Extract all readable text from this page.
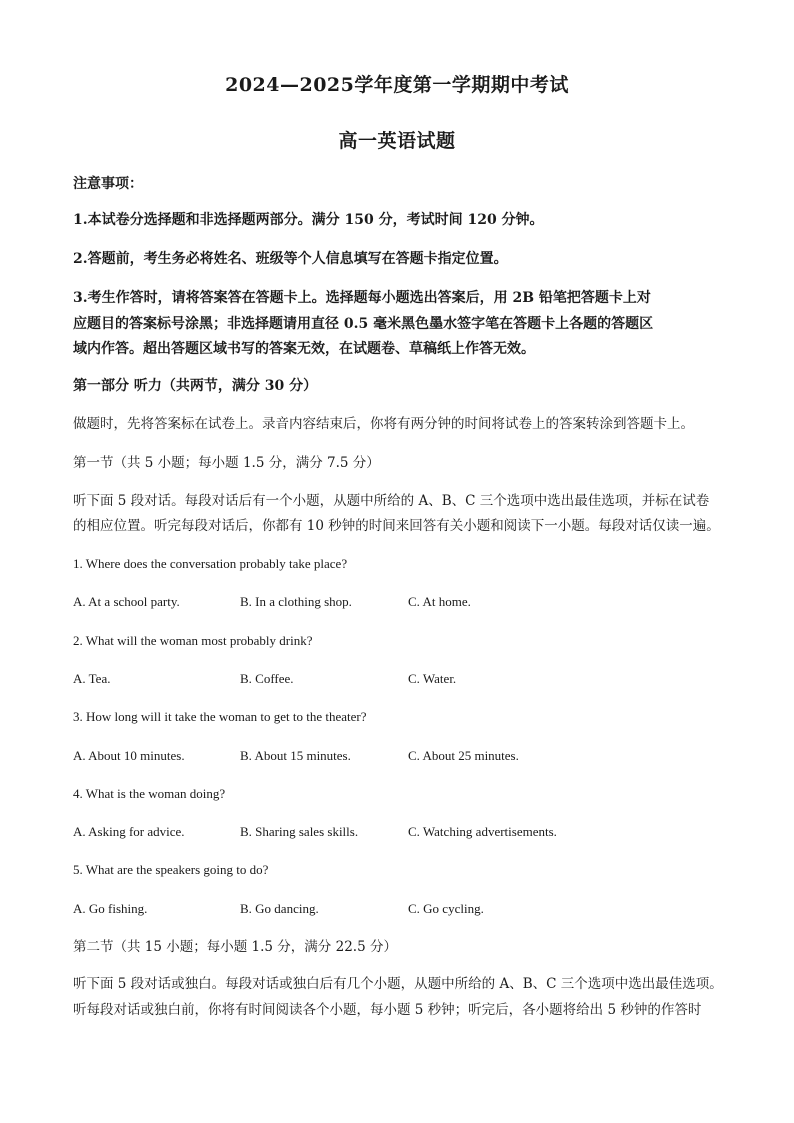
2024—2025学年度第一学期期中考试
高一英语试题

注意事项：

1.本试卷分选择题和非选择题两部分。满分 150 分，考试时间 120 分钟。

2.答题前，考生务必将姓名、班级等个人信息填写在答题卡指定位置。

3.考生作答时，请将答案答在答题卡上。选择题每小题选出答案后，用 2B 铅笔把答题卡上对

应题目的答案标号涂黑；非选择题请用直径 0.5 毫米黑色墨水签字笔在答题卡上各题的答题区

域内作答。超出答题区域书写的答案无效，在试题卷、草稿纸上作答无效。

第一部分 听力（共两节，满分 30 分）

做题时，先将答案标在试卷上。录音内容结束后，你将有两分钟的时间将试卷上的答案转涂到答题卡上。

第一节（共 5 小题；每小题 1.5 分，满分 7.5 分）

听下面 5 段对话。每段对话后有一个小题，从题中所给的 A、B、C 三个选项中选出最佳选项，并标在试卷

的相应位置。听完每段对话后，你都有 10 秒钟的时间来回答有关小题和阅读下一小题。每段对话仅读一遍。

1. Where does the conversation probably take place?

A. At a school party.	B. In a clothing shop.	C. At home.

2. What will the woman most probably drink?

A. Tea.	B. Coffee.	C. Water.

3. How long will it take the woman to get to the theater?

A. About 10 minutes.	B. About 15 minutes.	C. About 25 minutes.

4. What is the woman doing?

A. Asking for advice.	B. Sharing sales skills.	C. Watching advertisements.

5. What are the speakers going to do?

A. Go fishing.	B. Go dancing.	C. Go cycling.

第二节（共 15 小题；每小题 1.5 分，满分 22.5 分）

听下面 5 段对话或独白。每段对话或独白后有几个小题，从题中所给的 A、B、C 三个选项中选出最佳选项。

听每段对话或独白前，你将有时间阅读各个小题，每小题 5 秒钟；听完后，各小题将给出 5 秒钟的作答时
